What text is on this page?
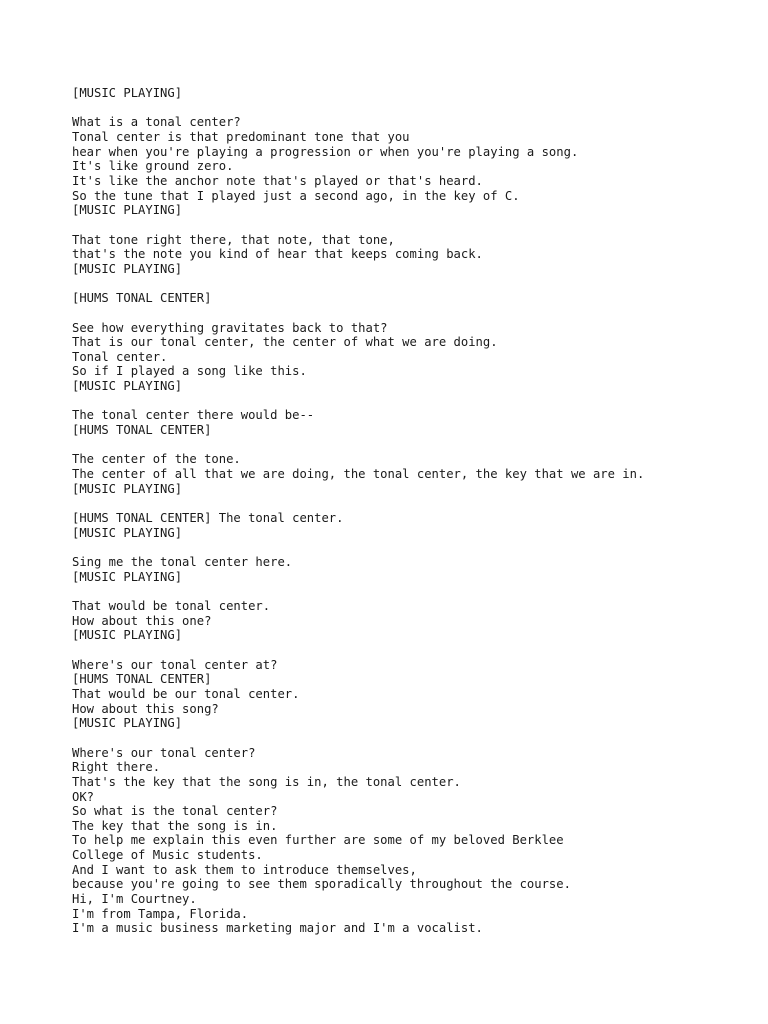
[MUSIC PLAYING]
What is a tonal center?
Tonal center is that predominant tone that you
hear when you're playing a progression or when you're playing a song.
It's like ground zero.
It's like the anchor note that's played or that's heard.
So the tune that I played just a second ago, in the key of C.
[MUSIC PLAYING]
That tone right there, that note, that tone,
that's the note you kind of hear that keeps coming back.
[MUSIC PLAYING]
[HUMS TONAL CENTER]
See how everything gravitates back to that?
That is our tonal center, the center of what we are doing.
Tonal center.
So if I played a song like this.
[MUSIC PLAYING]
The tonal center there would be--
[HUMS TONAL CENTER]
The center of the tone.
The center of all that we are doing, the tonal center, the key that we are in.
[MUSIC PLAYING]
[HUMS TONAL CENTER] The tonal center.
[MUSIC PLAYING]
Sing me the tonal center here.
[MUSIC PLAYING]
That would be tonal center.
How about this one?
[MUSIC PLAYING]
Where's our tonal center at?
[HUMS TONAL CENTER]
That would be our tonal center.
How about this song?
[MUSIC PLAYING]
Where's our tonal center?
Right there.
That's the key that the song is in, the tonal center.
OK?
So what is the tonal center?
The key that the song is in.
To help me explain this even further are some of my beloved Berklee
College of Music students.
And I want to ask them to introduce themselves,
because you're going to see them sporadically throughout the course.
Hi, I'm Courtney.
I'm from Tampa, Florida.
I'm a music business marketing major and I'm a vocalist.
